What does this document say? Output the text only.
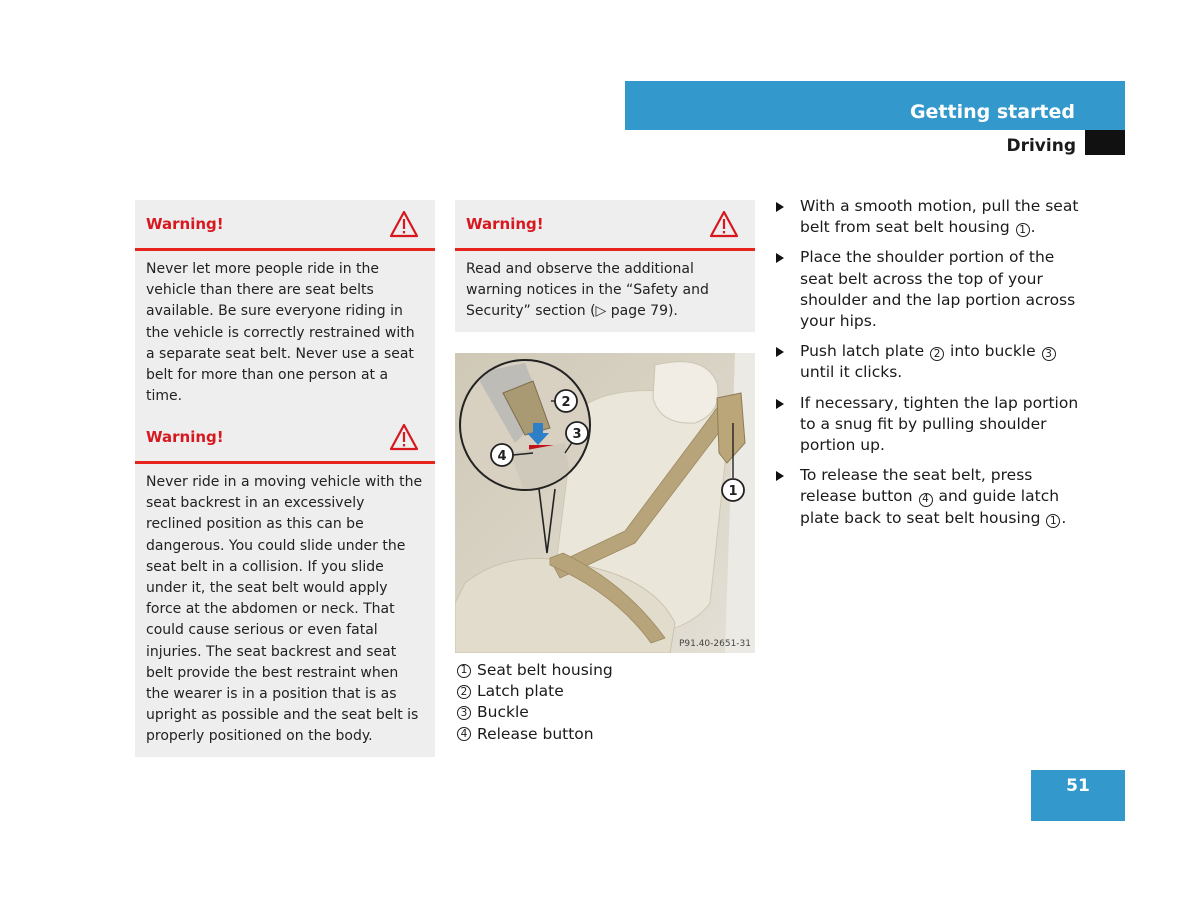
Getting started
Driving
Warning!
Never let more people ride in the vehicle than there are seat belts available. Be sure everyone riding in the vehicle is correctly restrained with a separate seat belt. Never use a seat belt for more than one person at a time.
Warning!
Never ride in a moving vehicle with the seat backrest in an excessively reclined position as this can be dangerous. You could slide under the seat belt in a collision. If you slide under it, the seat belt would apply force at the abdomen or neck. That could cause serious or even fatal injuries. The seat backrest and seat belt provide the best restraint when the wearer is in a position that is as upright as possible and the seat belt is properly positioned on the body.
Warning!
Read and observe the additional warning notices in the “Safety and Security” section (▷ page 79).
2
3
4
1
P91.40-2651-31
1 Seat belt housing
2 Latch plate
3 Buckle
4 Release button
With a smooth motion, pull the seat belt from seat belt housing 1 .
Place the shoulder portion of the seat belt across the top of your shoulder and the lap portion across your hips.
Push latch plate 2 into buckle 3 until it clicks.
If necessary, tighten the lap portion to a snug fit by pulling shoulder portion up.
To release the seat belt, press release button 4 and guide latch plate back to seat belt housing 1 .
51
